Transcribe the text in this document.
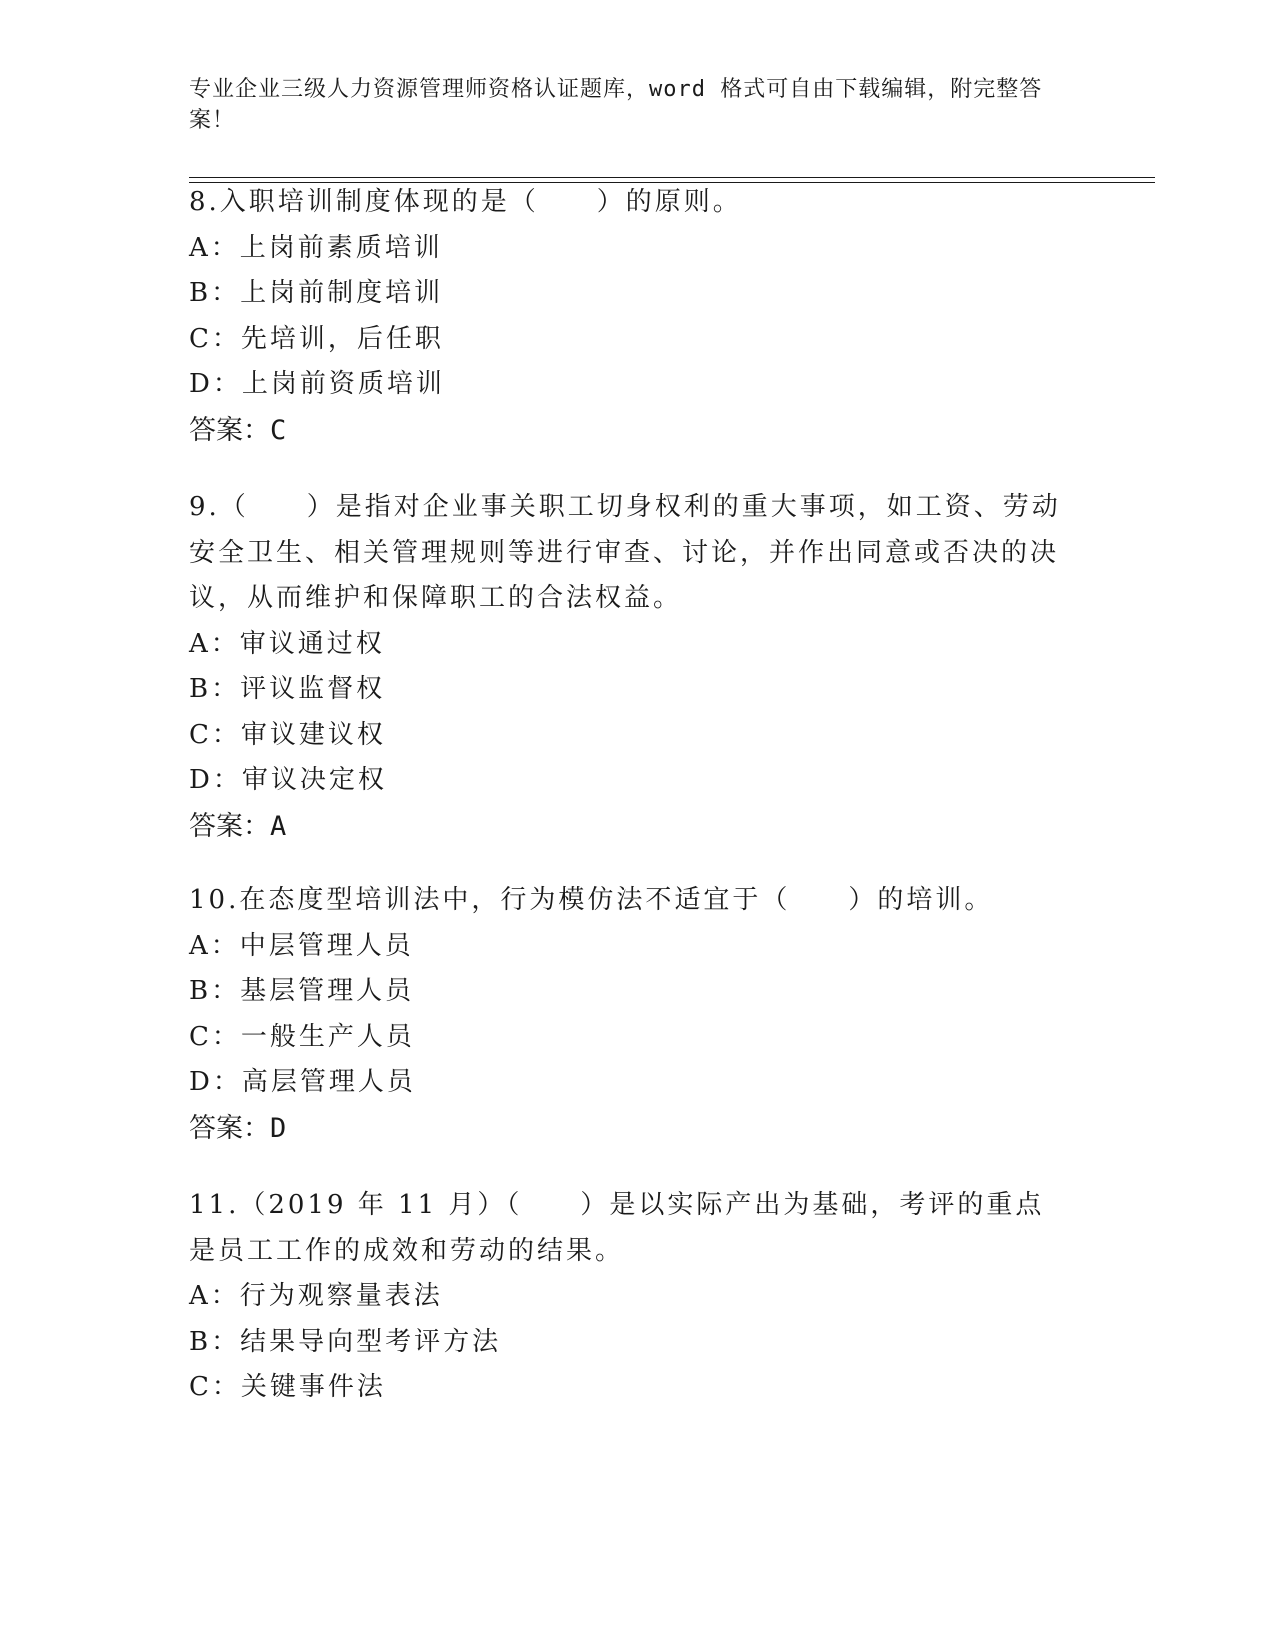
专业企业三级人力资源管理师资格认证题库，word 格式可自由下载编辑，附完整答案！

8.入职培训制度体现的是（　　）的原则。

A：上岗前素质培训

B：上岗前制度培训

C：先培训，后任职

D：上岗前资质培训

答案：C

9.（　　）是指对企业事关职工切身权利的重大事项，如工资、劳动安全卫生、相关管理规则等进行审查、讨论，并作出同意或否决的决议，从而维护和保障职工的合法权益。

A：审议通过权

B：评议监督权

C：审议建议权

D：审议决定权

答案：A

10.在态度型培训法中，行为模仿法不适宜于（　　）的培训。

A：中层管理人员

B：基层管理人员

C：一般生产人员

D：高层管理人员

答案：D

11.（2019 年 11 月）（　　）是以实际产出为基础，考评的重点是员工工作的成效和劳动的结果。

A：行为观察量表法

B：结果导向型考评方法

C：关键事件法
